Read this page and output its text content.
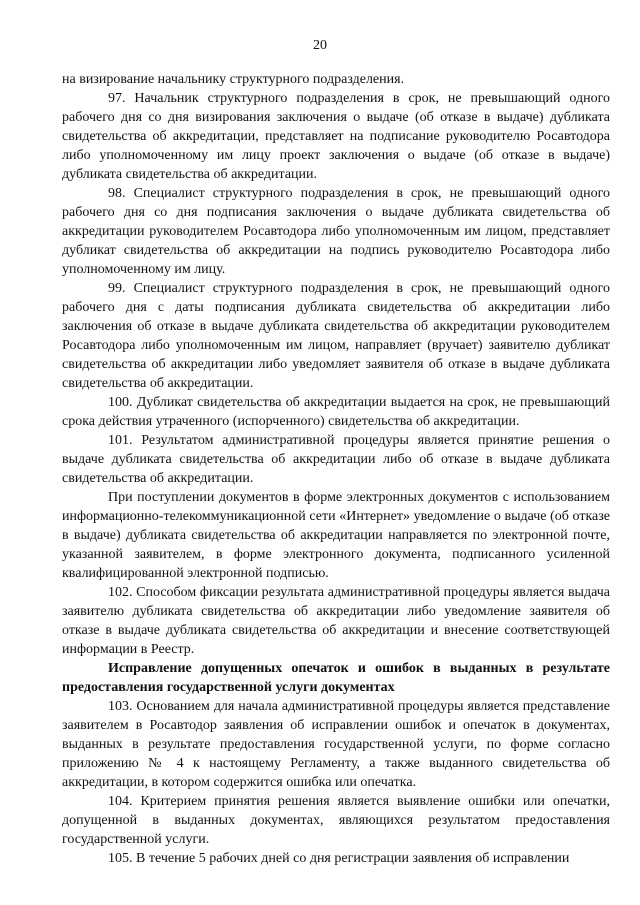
20

на визирование начальнику структурного подразделения.

97. Начальник структурного подразделения в срок, не превышающий одного рабочего дня со дня визирования заключения о выдаче (об отказе в выдаче) дубликата свидетельства об аккредитации, представляет на подписание руководителю Росавтодора либо уполномоченному им лицу проект заключения о выдаче (об отказе в выдаче) дубликата свидетельства об аккредитации.

98. Специалист структурного подразделения в срок, не превышающий одного рабочего дня со дня подписания заключения о выдаче дубликата свидетельства об аккредитации руководителем Росавтодора либо уполномоченным им лицом, представляет дубликат свидетельства об аккредитации на подпись руководителю Росавтодора либо уполномоченному им лицу.

99. Специалист структурного подразделения в срок, не превышающий одного рабочего дня с даты подписания дубликата свидетельства об аккредитации либо заключения об отказе в выдаче дубликата свидетельства об аккредитации руководителем Росавтодора либо уполномоченным им лицом, направляет (вручает) заявителю дубликат свидетельства об аккредитации либо уведомляет заявителя об отказе в выдаче дубликата свидетельства об аккредитации.

100. Дубликат свидетельства об аккредитации выдается на срок, не превышающий срока действия утраченного (испорченного) свидетельства об аккредитации.

101. Результатом административной процедуры является принятие решения о выдаче дубликата свидетельства об аккредитации либо об отказе в выдаче дубликата свидетельства об аккредитации.

При поступлении документов в форме электронных документов с использованием информационно-телекоммуникационной сети «Интернет» уведомление о выдаче (об отказе в выдаче) дубликата свидетельства об аккредитации направляется по электронной почте, указанной заявителем, в форме электронного документа, подписанного усиленной квалифицированной электронной подписью.

102. Способом фиксации результата административной процедуры является выдача заявителю дубликата свидетельства об аккредитации либо уведомление заявителя об отказе в выдаче дубликата свидетельства об аккредитации и внесение соответствующей информации в Реестр.

Исправление допущенных опечаток и ошибок в выданных в результате предоставления государственной услуги документах

103. Основанием для начала административной процедуры является представление заявителем в Росавтодор заявления об исправлении ошибок и опечаток в документах, выданных в результате предоставления государственной услуги, по форме согласно приложению № 4 к настоящему Регламенту, а также выданного свидетельства об аккредитации, в котором содержится ошибка или опечатка.

104. Критерием принятия решения является выявление ошибки или опечатки, допущенной в выданных документах, являющихся результатом предоставления государственной услуги.

105. В течение 5 рабочих дней со дня регистрации заявления об исправлении
